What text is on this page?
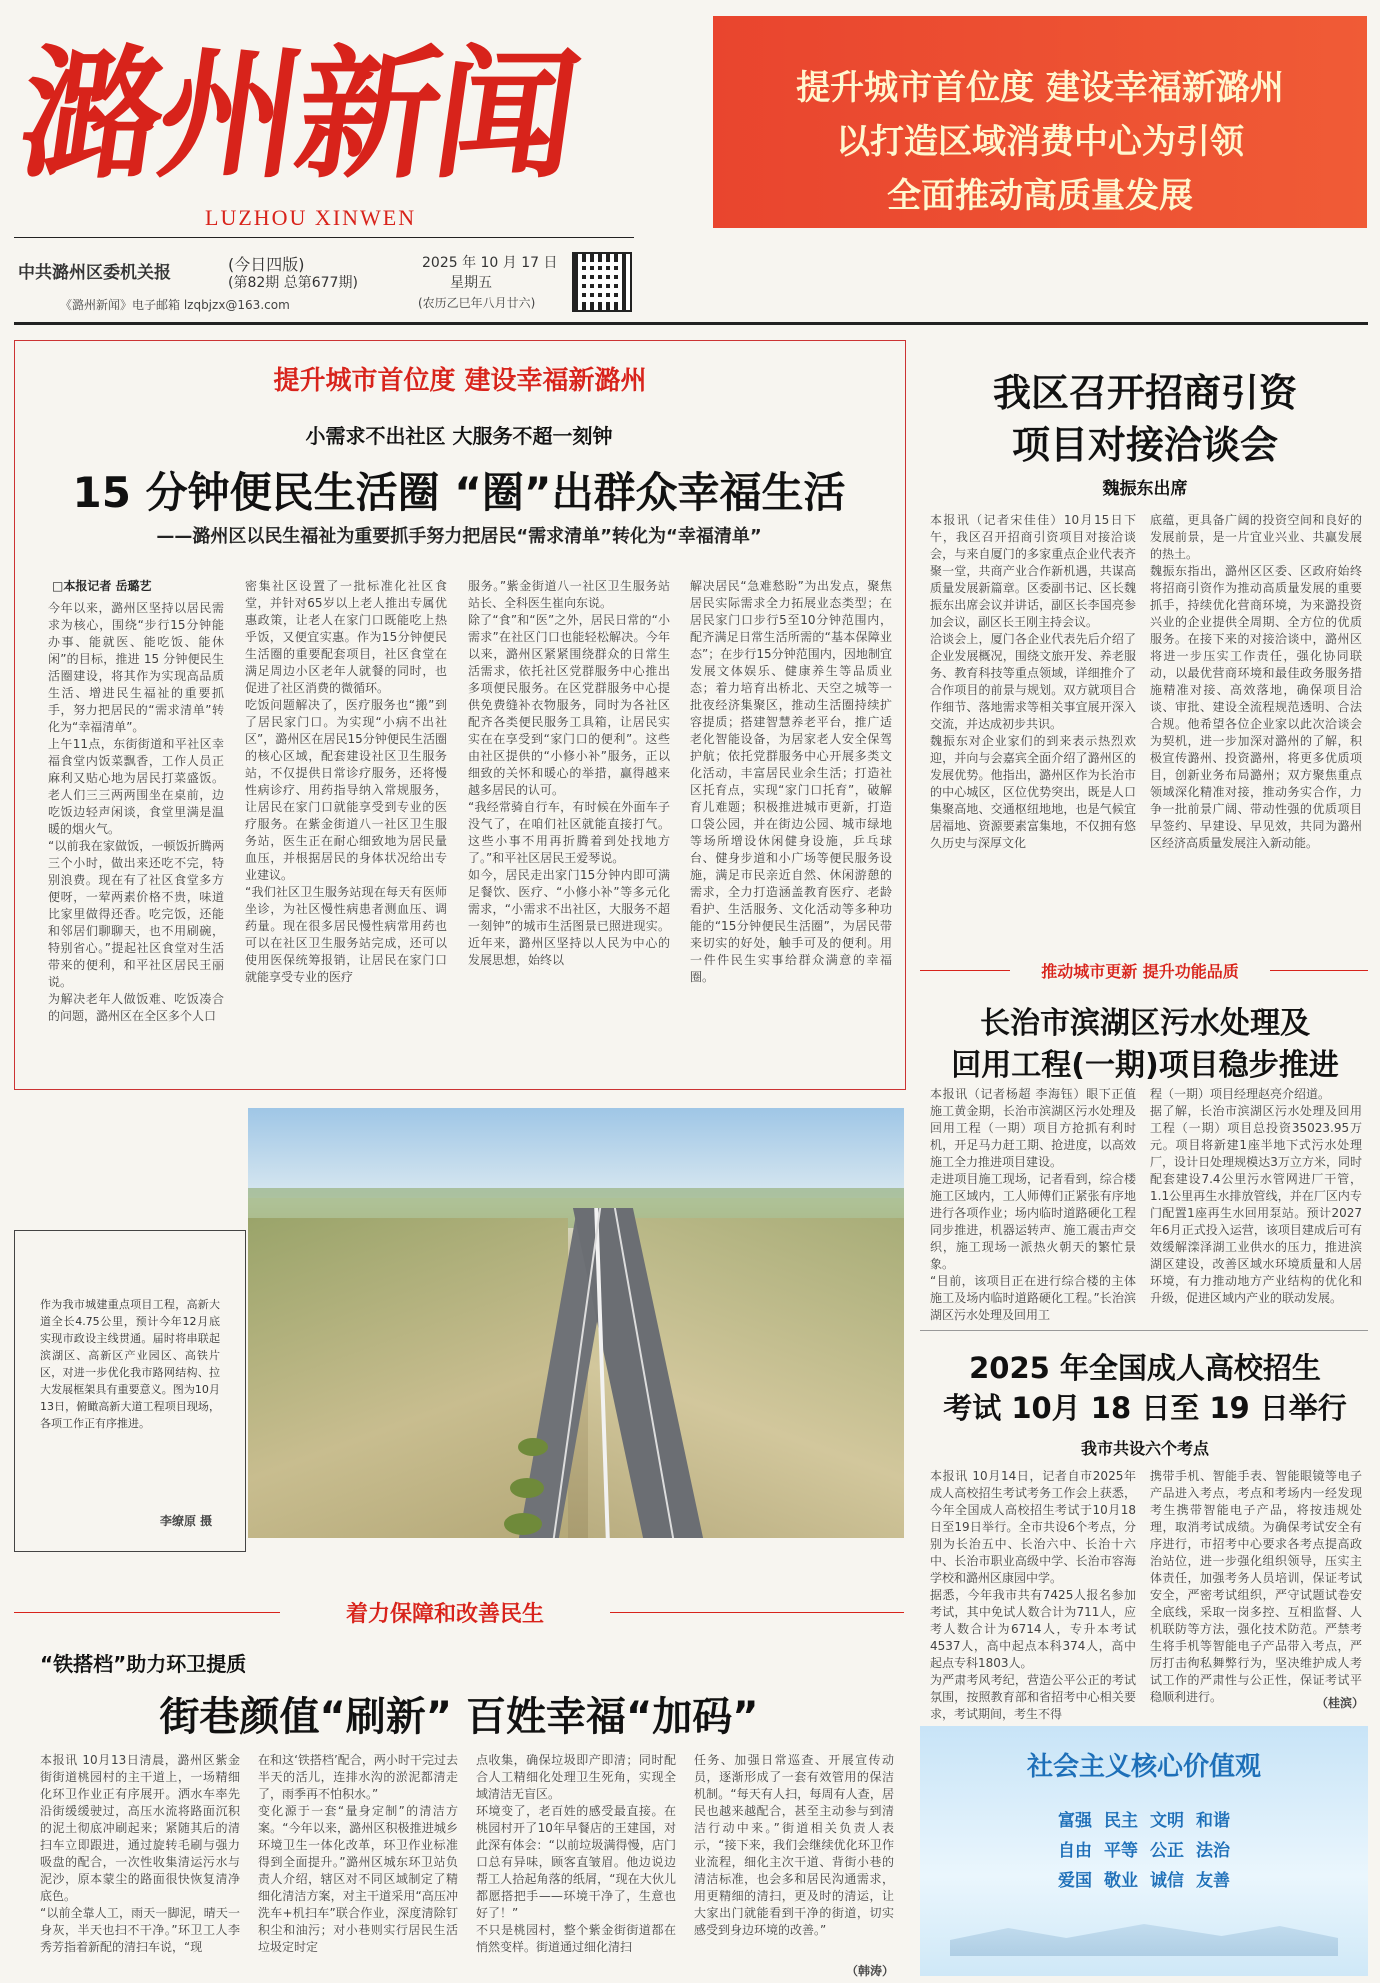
潞州新闻
LUZHOU XINWEN
提升城市首位度 建设幸福新潞州
以打造区域消费中心为引领
全面推动高质量发展
中共潞州区委机关报	(今日四版)
(第82期 总第677期)
2025 年 10 月 17 日
星期五
(农历乙巳年八月廿六)
《潞州新闻》电子邮箱 lzqbjzx@163.com
提升城市首位度 建设幸福新潞州
小需求不出社区 大服务不超一刻钟
15 分钟便民生活圈 “圈”出群众幸福生活
——潞州区以民生福祉为重要抓手努力把居民“需求清单”转化为“幸福清单”
□本报记者 岳璐艺
今年以来，潞州区坚持以居民需求为核心，围绕“步行15分钟能办事、能就医、能吃饭、能休闲”的目标，推进 15 分钟便民生活圈建设，将其作为实现高品质生活、增进民生福祉的重要抓手，努力把居民的“需求清单”转化为“幸福清单”。
上午11点，东街街道和平社区幸福食堂内饭菜飘香，工作人员正麻利又贴心地为居民打菜盛饭。老人们三三两两围坐在桌前，边吃饭边轻声闲谈，食堂里满是温暖的烟火气。
“以前我在家做饭，一顿饭折腾两三个小时，做出来还吃不完，特别浪费。现在有了社区食堂多方便呀，一荤两素价格不贵，味道比家里做得还香。吃完饭，还能和邻居们聊聊天，也不用刷碗，特别省心。”提起社区食堂对生活带来的便利，和平社区居民王丽说。
为解决老年人做饭难、吃饭凑合的问题，潞州区在全区多个人口
密集社区设置了一批标准化社区食堂，并针对65岁以上老人推出专属优惠政策，让老人在家门口既能吃上热乎饭，又便宜实惠。作为15分钟便民生活圈的重要配套项目，社区食堂在满足周边小区老年人就餐的同时，也促进了社区消费的微循环。
吃饭问题解决了，医疗服务也“搬”到了居民家门口。为实现“小病不出社区”，潞州区在居民15分钟便民生活圈的核心区域，配套建设社区卫生服务站，不仅提供日常诊疗服务，还将慢性病诊疗、用药指导纳入常规服务，让居民在家门口就能享受到专业的医疗服务。在紫金街道八一社区卫生服务站，医生正在耐心细致地为居民量血压，并根据居民的身体状况给出专业建议。
“我们社区卫生服务站现在每天有医师坐诊，为社区慢性病患者测血压、调药量。现在很多居民慢性病常用药也可以在社区卫生服务站完成，还可以使用医保统筹报销，让居民在家门口就能享受专业的医疗
服务。”紫金街道八一社区卫生服务站站长、全科医生崔向东说。
除了“食”和“医”之外，居民日常的“小需求”在社区门口也能轻松解决。今年以来，潞州区紧紧围绕群众的日常生活需求，依托社区党群服务中心推出多项便民服务。在区党群服务中心提供免费缝补衣物服务，同时为各社区配齐各类便民服务工具箱，让居民实实在在享受到“家门口的便利”。这些由社区提供的“小修小补”服务，正以细致的关怀和暖心的举措，赢得越来越多居民的认可。
“我经常骑自行车，有时候在外面车子没气了，在咱们社区就能直接打气。这些小事不用再折腾着到处找地方了。”和平社区居民王爱琴说。
如今，居民走出家门15分钟内即可满足餐饮、医疗、“小修小补”等多元化需求，“小需求不出社区，大服务不超一刻钟”的城市生活图景已照进现实。近年来，潞州区坚持以人民为中心的发展思想，始终以
解决居民“急难愁盼”为出发点，聚焦居民实际需求全力拓展业态类型；在居民家门口步行5至10分钟范围内，配齐满足日常生活所需的“基本保障业态”；在步行15分钟范围内，因地制宜发展文体娱乐、健康养生等品质业态；着力培育出桥北、天空之城等一批夜经济集聚区，推动生活圈持续扩容提质；搭建智慧养老平台，推广适老化智能设备，为居家老人安全保驾护航；依托党群服务中心开展多类文化活动，丰富居民业余生活；打造社区托育点，实现“家门口托育”，破解育儿难题；积极推进城市更新，打造口袋公园，并在街边公园、城市绿地等场所增设休闲健身设施，乒乓球台、健身步道和小广场等便民服务设施，满足市民亲近自然、休闲游憩的需求，全力打造涵盖教育医疗、老龄看护、生活服务、文化活动等多种功能的“15分钟便民生活圈”，为居民带来切实的好处，触手可及的便利。用一件件民生实事给群众满意的幸福圈。
作为我市城建重点项目工程，高新大道全长4.75公里，预计今年12月底实现市政设主线贯通。届时将串联起滨湖区、高新区产业园区、高铁片区，对进一步优化我市路网结构、拉大发展框架具有重要意义。图为10月13日，俯瞰高新大道工程项目现场，各项工作正有序推进。
李缭原 摄
着力保障和改善民生
“铁搭档”助力环卫提质
街巷颜值“刷新” 百姓幸福“加码”
本报讯 10月13日清晨，潞州区紫金街街道桃园村的主干道上，一场精细化环卫作业正有序展开。洒水车率先沿街缓缓驶过，高压水流将路面沉积的泥土彻底冲刷起来；紧随其后的清扫车立即跟进，通过旋转毛刷与强力吸盘的配合，一次性收集清运污水与泥沙，原本蒙尘的路面很快恢复清净底色。
“以前全靠人工，雨天一脚泥，晴天一身灰，半天也扫不干净。”环卫工人李秀芳指着新配的清扫车说，“现
在和这‘铁搭档’配合，两小时干完过去半天的活儿，连排水沟的淤泥都清走了，雨季再不怕积水。”
变化源于一套“量身定制”的清洁方案。“今年以来，潞州区积极推进城乡环境卫生一体化改革，环卫作业标准得到全面提升。”潞州区城东环卫站负责人介绍，辖区对不同区域制定了精细化清洁方案，对主干道采用“高压冲洗车+机扫车”联合作业，深度清除钉积尘和油污；对小巷则实行居民生活垃圾定时定
点收集，确保垃圾即产即清；同时配合人工精细化处理卫生死角，实现全域清洁无盲区。
环境变了，老百姓的感受最直接。在桃园村开了10年早餐店的王建国，对此深有体会：“以前垃圾满得慢，店门口总有异味，顾客直皱眉。他边说边帮工人拾起角落的纸屑，“现在大伙儿都愿搭把手——环境干净了，生意也好了！”
不只是桃园村，整个紫金街街道都在悄然变样。街道通过细化清扫
任务、加强日常巡查、开展宣传动员，逐渐形成了一套有效管用的保洁机制。“每天有人扫，每周有人查，居民也越来越配合，甚至主动参与到清洁行动中来。”街道相关负责人表示，“接下来，我们会继续优化环卫作业流程，细化主次干道、背街小巷的清洁标准，也会多和居民沟通需求，用更精细的清扫，更及时的清运，让大家出门就能看到干净的街道，切实感受到身边环境的改善。”
（韩涛）
我区召开招商引资
项目对接洽谈会
魏振东出席
本报讯（记者宋佳佳）10月15日下午，我区召开招商引资项目对接洽谈会，与来自厦门的多家重点企业代表齐聚一堂，共商产业合作新机遇，共谋高质量发展新篇章。区委副书记、区长魏振东出席会议并讲话，副区长李国亮参加会议，副区长王刚主持会议。
洽谈会上，厦门各企业代表先后介绍了企业发展概况，围绕文旅开发、养老服务、教育科技等重点领域，详细推介了合作项目的前景与规划。双方就项目合作细节、落地需求等相关事宜展开深入交流，并达成初步共识。
魏振东对企业家们的到来表示热烈欢迎，并向与会嘉宾全面介绍了潞州区的发展优势。他指出，潞州区作为长治市的中心城区，区位优势突出，既是人口集聚高地、交通枢纽地地，也是气候宜居福地、资源要素富集地，不仅拥有悠久历史与深厚文化
底蕴，更具备广阔的投资空间和良好的发展前景，是一片宜业兴业、共赢发展的热土。
魏振东指出，潞州区区委、区政府始终将招商引资作为推动高质量发展的重要抓手，持续优化营商环境，为来潞投资兴业的企业提供全周期、全方位的优质服务。在接下来的对接洽谈中，潞州区将进一步压实工作责任，强化协同联动，以最优营商环境和最佳政务服务措施精准对接、高效落地，确保项目洽谈、审批、建设全流程规范透明、合法合规。他希望各位企业家以此次洽谈会为契机，进一步加深对潞州的了解，积极宣传潞州、投资潞州，将更多优质项目，创新业务布局潞州；双方聚焦重点领域深化精准对接，推动务实合作，力争一批前景广阔、带动性强的优质项目早签约、早建设、早见效，共同为潞州区经济高质量发展注入新动能。
推动城市更新 提升功能品质
长治市滨湖区污水处理及
回用工程(一期)项目稳步推进
本报讯（记者杨超 李海钰）眼下正值施工黄金期，长治市滨湖区污水处理及回用工程（一期）项目方抢抓有利时机，开足马力赶工期、抢进度，以高效施工全力推进项目建设。
走进项目施工现场，记者看到，综合楼施工区域内，工人师傅们正紧张有序地进行各项作业；场内临时道路硬化工程同步推进，机器运转声、施工震击声交织，施工现场一派热火朝天的繁忙景象。
“目前，该项目正在进行综合楼的主体施工及场内临时道路硬化工程。”长治滨湖区污水处理及回用工
程（一期）项目经理赵亮介绍道。
据了解，长治市滨湖区污水处理及回用工程（一期）项目总投资35023.95万元。项目将新建1座半地下式污水处理厂，设计日处理规模达3万立方米，同时配套建设7.4公里污水管网进厂干管，1.1公里再生水排放管线，并在厂区内专门配置1座再生水回用泵站。预计2027年6月正式投入运营，该项目建成后可有效缓解滦泽湖工业供水的压力，推进滨湖区建设，改善区域水环境质量和人居环境，有力推动地方产业结构的优化和升级，促进区域内产业的联动发展。
2025 年全国成人高校招生
考试 10月 18 日至 19 日举行
我市共设六个考点
本报讯 10月14日，记者自市2025年成人高校招生考试考务工作会上获悉，今年全国成人高校招生考试于10月18日至19日举行。全市共设6个考点，分别为长治五中、长治六中、长治十六中、长治市职业高级中学、长治市容海学校和潞州区康园中学。
据悉，今年我市共有7425人报名参加考试，其中免试人数合计为711人，应考人数合计为6714人，专升本考试4537人，高中起点本科374人，高中起点专科1803人。
为严肃考风考纪，营造公平公正的考试氛围，按照教育部和省招考中心相关要求，考试期间，考生不得
携带手机、智能手表、智能眼镜等电子产品进入考点，考点和考场内一经发现考生携带智能电子产品，将按违规处理，取消考试成绩。为确保考试安全有序进行，市招考中心要求各考点提高政治站位，进一步强化组织领导，压实主体责任，加强考务人员培训，保证考试安全，严密考试组织，严守试题试卷安全底线，采取一岗多控、互相监督、人机联防等方法，强化技术防范。严禁考生将手机等智能电子产品带入考点，严厉打击徇私舞弊行为，坚决维护成人考试工作的严肃性与公正性，保证考试平稳顺利进行。	（桂滨）
社会主义核心价值观
富强 民主 文明 和谐
自由 平等 公正 法治
爱国 敬业 诚信 友善
